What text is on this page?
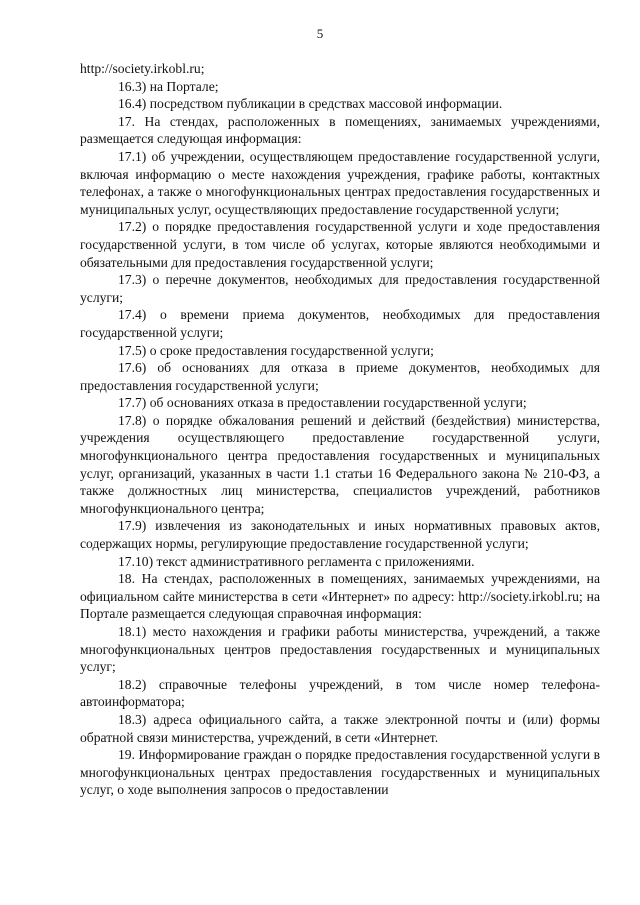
5

http://society.irkobl.ru;

16.3) на Портале;

16.4) посредством публикации в средствах массовой информации.

17. На стендах, расположенных в помещениях, занимаемых учреждениями, размещается следующая информация:

17.1) об учреждении, осуществляющем предоставление государственной услуги, включая информацию о месте нахождения учреждения, графике работы, контактных телефонах, а также о многофункциональных центрах предоставления государственных и муниципальных услуг, осуществляющих предоставление государственной услуги;

17.2) о порядке предоставления государственной услуги и ходе предоставления государственной услуги, в том числе об услугах, которые являются необходимыми и обязательными для предоставления государственной услуги;

17.3) о перечне документов, необходимых для предоставления государственной услуги;

17.4) о времени приема документов, необходимых для предоставления государственной услуги;

17.5) о сроке предоставления государственной услуги;

17.6) об основаниях для отказа в приеме документов, необходимых для предоставления государственной услуги;

17.7) об основаниях отказа в предоставлении государственной услуги;

17.8) о порядке обжалования решений и действий (бездействия) министерства, учреждения осуществляющего предоставление государственной услуги, многофункционального центра предоставления государственных и муниципальных услуг, организаций, указанных в части 1.1 статьи 16 Федерального закона № 210-ФЗ, а также должностных лиц министерства, специалистов учреждений, работников многофункционального центра;

17.9) извлечения из законодательных и иных нормативных правовых актов, содержащих нормы, регулирующие предоставление государственной услуги;

17.10) текст административного регламента с приложениями.

18. На стендах, расположенных в помещениях, занимаемых учреждениями, на официальном сайте министерства в сети «Интернет» по адресу: http://society.irkobl.ru; на Портале размещается следующая справочная информация:

18.1) место нахождения и графики работы министерства, учреждений, а также многофункциональных центров предоставления государственных и муниципальных услуг;

18.2) справочные телефоны учреждений, в том числе номер телефона-автоинформатора;

18.3) адреса официального сайта, а также электронной почты и (или) формы обратной связи министерства, учреждений, в сети «Интернет.

19. Информирование граждан о порядке предоставления государственной услуги в многофункциональных центрах предоставления государственных и муниципальных услуг, о ходе выполнения запросов о предоставлении
